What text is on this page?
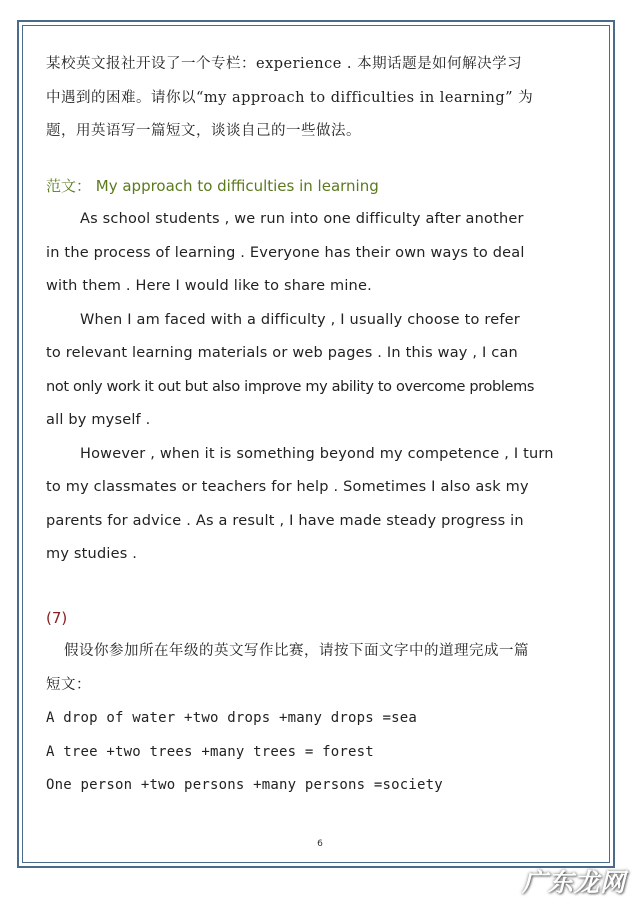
某校英文报社开设了一个专栏：experience . 本期话题是如何解决学习
中遇到的困难。请你以“my approach to difficulties in learning” 为
题，用英语写一篇短文，谈谈自己的一些做法。
范文： My approach to difficulties in learning
As school students , we run into one difficulty after another
in the process of learning . Everyone has their own ways to deal
with them . Here I would like to share mine.
When I am faced with a difficulty , I usually choose to refer
to relevant learning materials or web pages . In this way , I can
not only work it out but also improve my ability to overcome problems
all by myself .
However , when it is something beyond my competence , I turn
to my classmates or teachers for help . Sometimes I also ask my
parents for advice . As a result , I have made steady progress in
my studies .
(7)
假设你参加所在年级的英文写作比赛，请按下面文字中的道理完成一篇
短文：
A drop of water +two drops +many drops =sea
A tree +two trees +many trees = forest
One person +two persons +many persons =society
6
广东龙网
